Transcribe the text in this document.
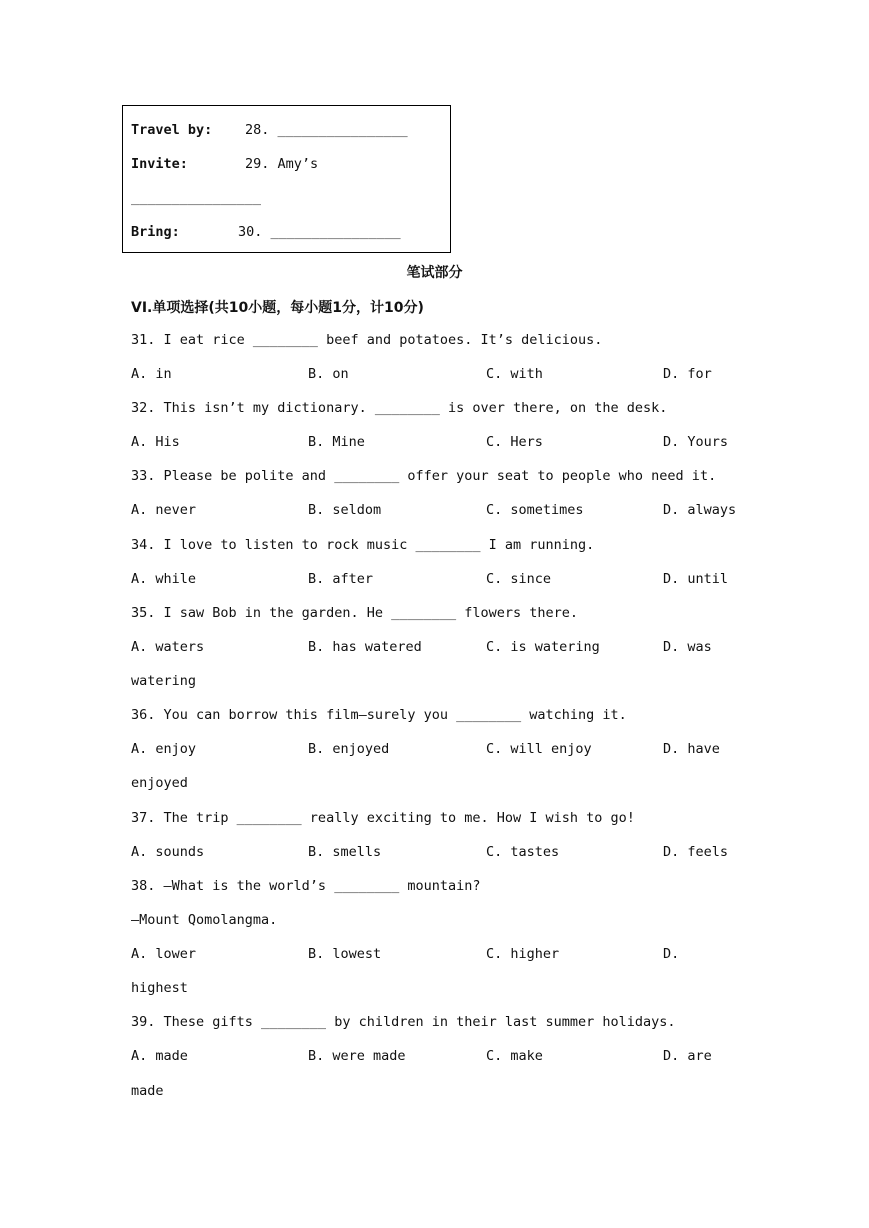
Travel by: 28. ________________
Invite:	29. Amy’s
________________
Bring:	30. ________________
笔试部分
VI.单项选择(共10小题，每小题1分，计10分)
31. I eat rice ________ beef and potatoes. It’s delicious.
A. in	B. on	C. with	D. for
32. This isn’t my dictionary. ________ is over there, on the desk.
A. His	B. Mine	C. Hers	D. Yours
33. Please be polite and ________ offer your seat to people who need it.
A. never	B. seldom	C. sometimes	D. always
34. I love to listen to rock music ________ I am running.
A. while	B. after	C. since	D. until
35. I saw Bob in the garden. He ________ flowers there.
A. waters	B. has watered	C. is watering	D. was
watering
36. You can borrow this film—surely you ________ watching it.
A. enjoy	B. enjoyed	C. will enjoy	D. have
enjoyed
37. The trip ________ really exciting to me. How I wish to go!
A. sounds	B. smells	C. tastes	D. feels
38. —What is the world’s ________ mountain?
—Mount Qomolangma.
A. lower	B. lowest	C. higher	D.
highest
39. These gifts ________ by children in their last summer holidays.
A. made	B. were made	C. make	D. are
made
